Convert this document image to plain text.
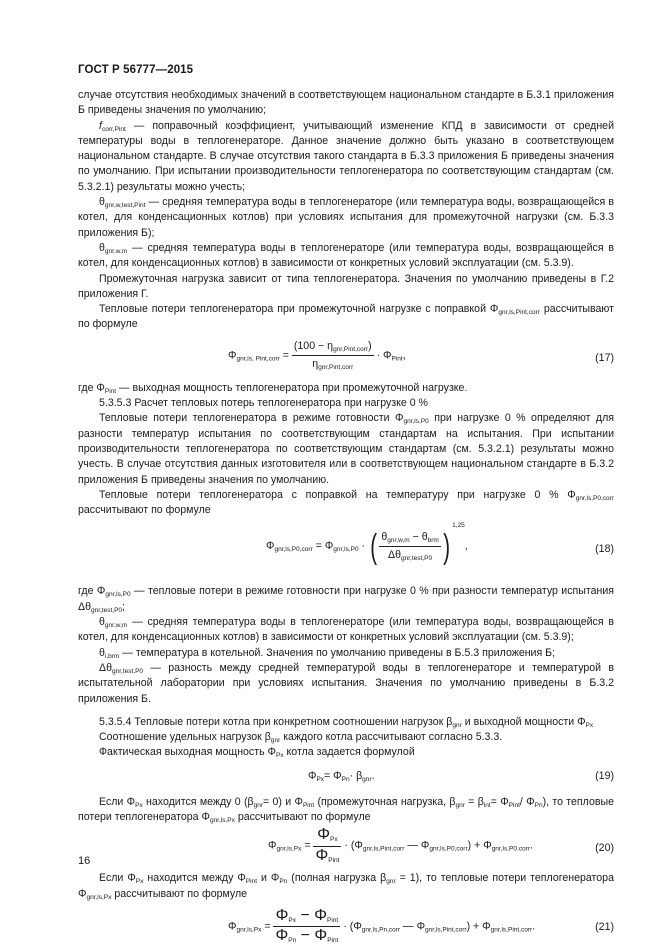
ГОСТ Р 56777—2015

случае отсутствия необходимых значений в соответствующем национальном стандарте в Б.3.1 приложения Б приведены значения по умолчанию;

$f_{corr,Pint}$ — поправочный коэффициент, учитывающий изменение КПД в зависимости от средней температуры воды в теплогенераторе. Данное значение должно быть указано в соответствующем национальном стандарте. В случае отсутствия такого стандарта в Б.3.3 приложения Б приведены значения по умолчанию. При испытании производительности теплогенератора по соответствующим стандартам (см. 5.3.2.1) результаты можно учесть;

$\theta_{gnr,w,test,Pint}$ — средняя температура воды в теплогенераторе (или температура воды, возвращающейся в котел, для конденсационных котлов) при условиях испытания для промежуточной нагрузки (см. Б.3.3 приложения Б);

$\theta_{gnr,w,m}$ — средняя температура воды в теплогенераторе (или температура воды, возвращающейся в котел, для конденсационных котлов) в зависимости от конкретных условий эксплуатации (см. 5.3.9).

Промежуточная нагрузка зависит от типа теплогенератора. Значения по умолчанию приведены в Г.2 приложения Г.

Тепловые потери теплогенератора при промежуточной нагрузке с поправкой $\Phi_{gnr,ls,Pint,corr}$ рассчитывают по формуле

$\Phi_{gnr,ls, Pint,corr} = \frac{(100 - \eta_{gnr,Pint,corr})}{\eta_{gnr,Pint,corr}} \cdot \Phi_{Pint}$,	(17)

где $\Phi_{Pint}$ — выходная мощность теплогенератора при промежуточной нагрузке.

5.3.5.3 Расчет тепловых потерь теплогенератора при нагрузке 0 %

Тепловые потери теплогенератора в режиме готовности $\Phi_{gnr,ls,P0}$ при нагрузке 0 % определяют для разности температур испытания по соответствующим стандартам на испытания. При испытании производительности теплогенератора по соответствующим стандартам (см. 5.3.2.1) результаты можно учесть. В случае отсутствия данных изготовителя или в соответствующем национальном стандарте в Б.3.2 приложения Б приведены значения по умолчанию.

Тепловые потери теплогенератора с поправкой на температуру при нагрузке 0 % $\Phi_{gnr,ls,P0,corr}$ рассчитывают по формуле

$\Phi_{gnr,ls,P0,corr} = \Phi_{gnr,ls,P0}$ · ( $\frac{\theta_{gnr,w,m} - \theta_{brm}}{\Delta\theta_{gnr,test,P0}} )^{1,25}$,	(18)

где $\Phi_{gnr,ls,P0}$ — тепловые потери в режиме готовности при нагрузке 0 % при разности температур испытания $\Delta\theta_{gnr,test,P0}$;

$\theta_{gnr,w,m}$ — средняя температура воды в теплогенераторе (или температура воды, возвращающейся в котел, для конденсационных котлов) в зависимости от конкретных условий эксплуатации (см. 5.3.9);

$\theta_{i,brm}$ — температура в котельной. Значения по умолчанию приведены в Б.5.3 приложения Б;

$\Delta\theta_{gnr,test,P0}$ — разность между средней температурой воды в теплогенераторе и температурой в испытательной лаборатории при условиях испытания. Значения по умолчанию приведены в Б.3.2 приложения Б.

5.3.5.4 Тепловые потери котла при конкретном соотношении нагрузок $\beta_{gnr}$ и выходной мощности $\Phi_{Px}$

Соотношение удельных нагрузок $\beta_{gnr}$ каждого котла рассчитывают согласно 5.3.3.

Фактическая выходная мощность $\Phi_{Px}$ котла задается формулой

$\Phi_{Px}= \Phi_{Pn}\cdot \beta_{gnr}$.	(19)

Если $\Phi_{Px}$ находится между 0 $(\beta_{gnr}= 0)$ и $\Phi_{Pint}$ (промежуточная нагрузка, $\beta_{gnr} = \beta_{int}= \Phi_{Pint}/$ $\Phi_{Pn}$), то тепловые потери теплогенератора $\Phi_{gnr,ls,Px}$ рассчитывают по формуле

$\Phi_{gnr,ls,Px} = \frac{\Phi_{Px}}{\Phi_{Pint}} \cdot (\Phi_{gnr,ls,Pint,corr}$ — $\Phi_{gnr,ls,P0,corr}) + \Phi_{gnr,ls,P0.corr}$.	(20)

Если $\Phi_{Px}$ находится между $\Phi_{Pint}$ и $\Phi_{Pn}$ (полная нагрузка $\beta_{gnr} = 1$), то тепловые потери теплогенератора $\Phi_{gnr,ls,Px}$ рассчитывают по формуле

$\Phi_{gnr,ls,Px} = \frac{\Phi_{Px} - \Phi_{Pint}}{\Phi_{Pn} - \Phi_{Pint}} \cdot (\Phi_{gnr,ls,Pn,corr}$ — $\Phi_{gnr,ls,Pint,corr}) + \Phi_{gnr,ls,Pint,corr}$.	(21)
16
